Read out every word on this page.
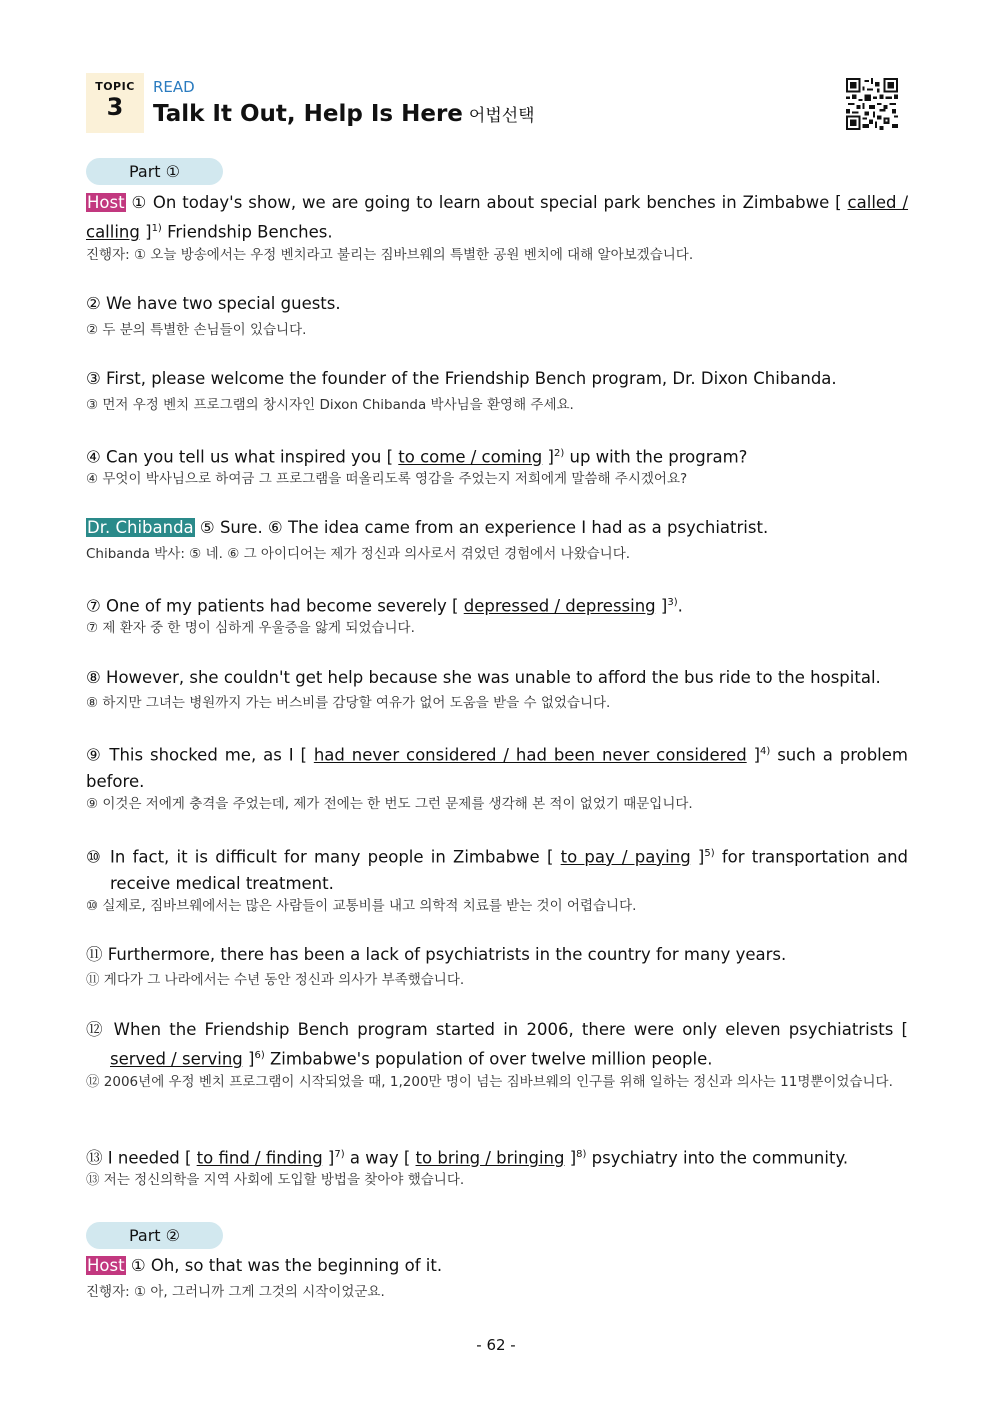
TOPIC
3
READ
Talk It Out, Help Is Here 어법선택
Part ①
Host ① On today's show, we are going to learn about special park benches in Zimbabwe [ called / calling ]$^{1)}$ Friendship Benches.
진행자: ① 오늘 방송에서는 우정 벤치라고 불리는 짐바브웨의 특별한 공원 벤치에 대해 알아보겠습니다.
② We have two special guests.
② 두 분의 특별한 손님들이 있습니다.
③ First, please welcome the founder of the Friendship Bench program, Dr. Dixon Chibanda.
③ 먼저 우정 벤치 프로그램의 창시자인 Dixon Chibanda 박사님을 환영해 주세요.
④ Can you tell us what inspired you [ to come / coming ]$^{2)}$ up with the program?
④ 무엇이 박사님으로 하여금 그 프로그램을 떠올리도록 영감을 주었는지 저희에게 말씀해 주시겠어요?
Dr. Chibanda ⑤ Sure. ⑥ The idea came from an experience I had as a psychiatrist.
Chibanda 박사: ⑤ 네. ⑥ 그 아이디어는 제가 정신과 의사로서 겪었던 경험에서 나왔습니다.
⑦ One of my patients had become severely [ depressed / depressing ]$^{3)}$.
⑦ 제 환자 중 한 명이 심하게 우울증을 앓게 되었습니다.
⑧ However, she couldn't get help because she was unable to afford the bus ride to the hospital.
⑧ 하지만 그녀는 병원까지 가는 버스비를 감당할 여유가 없어 도움을 받을 수 없었습니다.
⑨ This shocked me, as I [ had never considered / had been never considered ]$^{4)}$ such a problem before.
⑨ 이것은 저에게 충격을 주었는데, 제가 전에는 한 번도 그런 문제를 생각해 본 적이 없었기 때문입니다.
⑩ In fact, it is difficult for many people in Zimbabwe [ to pay / paying ]$^{5)}$ for transportation and receive medical treatment.
⑩ 실제로, 짐바브웨에서는 많은 사람들이 교통비를 내고 의학적 치료를 받는 것이 어렵습니다.
⑪ Furthermore, there has been a lack of psychiatrists in the country for many years.
⑪ 게다가 그 나라에서는 수년 동안 정신과 의사가 부족했습니다.
⑫ When the Friendship Bench program started in 2006, there were only eleven psychiatrists [ served / serving ]$^{6)}$ Zimbabwe's population of over twelve million people.
⑫ 2006년에 우정 벤치 프로그램이 시작되었을 때, 1,200만 명이 넘는 짐바브웨의 인구를 위해 일하는 정신과 의사는 11명뿐이었습니다.
⑬ I needed [ to find / finding ]$^{7)}$ a way [ to bring / bringing ]$^{8)}$ psychiatry into the community.
⑬ 저는 정신의학을 지역 사회에 도입할 방법을 찾아야 했습니다.
Part ②
Host ① Oh, so that was the beginning of it.
진행자: ① 아, 그러니까 그게 그것의 시작이었군요.
- 62 -
